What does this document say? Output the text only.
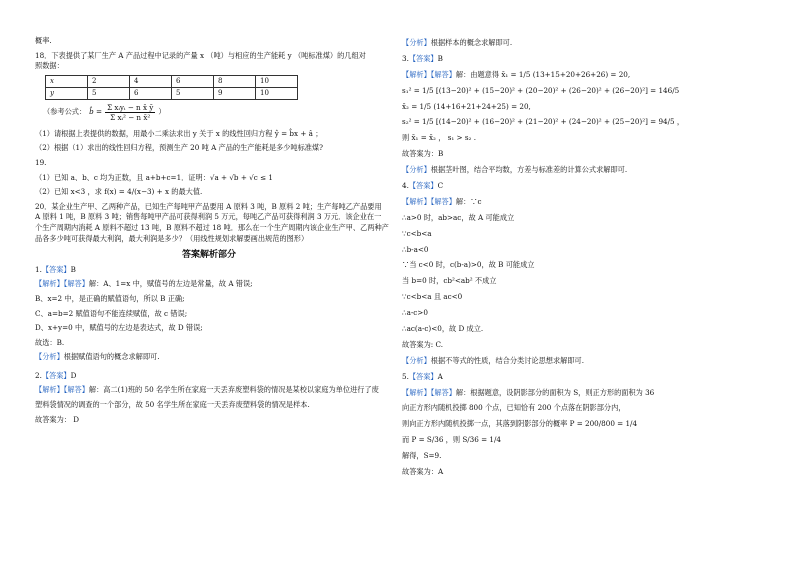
概率.

18．下表提供了某厂生产 A 产品过程中记录的产量 x （吨）与相应的生产能耗 y （吨标准煤）的几组对

照数据：

x	2	4	6	8	10
y	5	6	5	9	10
（参考公式： b̂ = $\frac{\text{Σ xᵢyᵢ − n x̄ ȳ}}{\text{Σ xᵢ² − n x̄²}}$ ）

（1）请根据上表提供的数据，用最小二乘法求出 y 关于 x 的线性回归方程 ŷ = b̂x + â ；

（2）根据（1）求出的线性回归方程，预测生产 20 吨 A 产品的生产能耗是多少吨标准煤?

19.

（1）已知 a、b、c 均为正数，且 a+b+c=1．证明：√a + √b + √c ≤ 1

（2）已知 x<3 ，求 f(x) = 4/(x−3) + x 的最大值.

20．某企业生产甲、乙两种产品，已知生产每吨甲产品要用 A 原料 3 吨，B 原料 2 吨；生产每吨乙产品要用

A 原料 1 吨，B 原料 3 吨；销售每吨甲产品可获得利润 5 万元，每吨乙产品可获得利润 3 万元．该企业在一

个生产周期内消耗 A 原料不超过 13 吨，B 原料不超过 18 吨．那么在一个生产周期内该企业生产甲、乙两种产

品各多少吨可获得最大利润，最大利润是多少？（用线性规划求解要画出规范的图形）

答案解析部分

1.【答案】B

【解析】【解答】解：A、1=x 中，赋值号的左边是常量，故 A 错误;

B、x=2 中，是正确的赋值语句，所以 B 正确;

C、a=b=2 赋值语句不能连续赋值，故 c 错误;

D、x+y=0 中，赋值号的左边是表达式，故 D 错误;

故选：B.

【分析】根据赋值语句的概念求解即可.

2.【答案】D

【解析】【解答】解：高二(1)班的 50 名学生所在家庭一天丢弃废塑料袋的情况是某校以家庭为单位进行了废

塑料袋情况的调查的一个部分，故 50 名学生所在家庭一天丢弃废塑料袋的情况是样本.

故答案为： D

【分析】根据样本的概念求解即可.

3.【答案】B

【解析】【解答】解：由题意得 x̄₁ = 1/5 (13+15+20+26+26) = 20,

s₁² = 1/5 [(13−20)² + (15−20)² + (20−20)² + (26−20)² + (26−20)²] = 146/5

x̄₂ = 1/5 (14+16+21+24+25) = 20,

s₂² = 1/5 [(14−20)² + (16−20)² + (21−20)² + (24−20)² + (25−20)²] = 94/5 ，

则 x̄₁ = x̄₂ ， s₁ > s₂ .

故答案为：B

【分析】根据茎叶图，结合平均数，方差与标准差的计算公式求解即可.

4.【答案】C

【解析】【解答】解：∵c

∴a>0 时，ab>ac，故 A 可能成立

∵c<b<a

∴b-a<0

∵当 c<0 时，c(b-a)>0，故 B 可能成立

当 b=0 时，cb²<ab² 不成立

∵c<b<a 且 ac<0

∴a-c>0

∴ac(a-c)<0，故 D 成立.

故答案为: C.

【分析】根据不等式的性质，结合分类讨论思想求解即可.

5.【答案】A

【解析】【解答】解：根据题意，设阴影部分的面积为 S，则正方形的面积为 36

向正方形内随机投掷 800 个点，已知恰有 200 个点落在阴影部分内，

则向正方形内随机投掷一点，其落到阴影部分的概率 P = 200/800 = 1/4

而 P = S/36 ，则 S/36 = 1/4

解得，S=9.

故答案为：A
